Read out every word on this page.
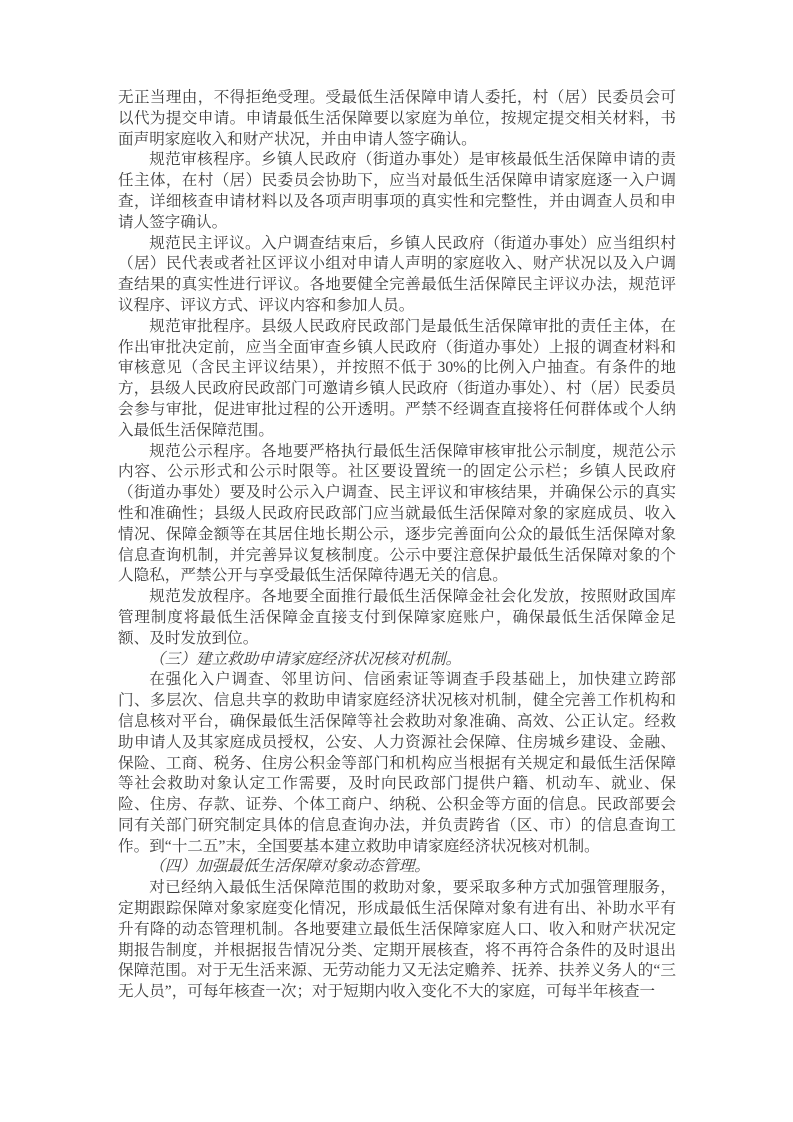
无正当理由，不得拒绝受理。受最低生活保障申请人委托，村（居）民委员会可以代为提交申请。申请最低生活保障要以家庭为单位，按规定提交相关材料，书面声明家庭收入和财产状况，并由申请人签字确认。

规范审核程序。乡镇人民政府（街道办事处）是审核最低生活保障申请的责任主体，在村（居）民委员会协助下，应当对最低生活保障申请家庭逐一入户调查，详细核查申请材料以及各项声明事项的真实性和完整性，并由调查人员和申请人签字确认。

规范民主评议。入户调查结束后，乡镇人民政府（街道办事处）应当组织村（居）民代表或者社区评议小组对申请人声明的家庭收入、财产状况以及入户调查结果的真实性进行评议。各地要健全完善最低生活保障民主评议办法，规范评议程序、评议方式、评议内容和参加人员。

规范审批程序。县级人民政府民政部门是最低生活保障审批的责任主体，在作出审批决定前，应当全面审查乡镇人民政府（街道办事处）上报的调查材料和审核意见（含民主评议结果），并按照不低于 30%的比例入户抽查。有条件的地方，县级人民政府民政部门可邀请乡镇人民政府（街道办事处）、村（居）民委员会参与审批，促进审批过程的公开透明。严禁不经调查直接将任何群体或个人纳入最低生活保障范围。

规范公示程序。各地要严格执行最低生活保障审核审批公示制度，规范公示内容、公示形式和公示时限等。社区要设置统一的固定公示栏；乡镇人民政府（街道办事处）要及时公示入户调查、民主评议和审核结果，并确保公示的真实性和准确性；县级人民政府民政部门应当就最低生活保障对象的家庭成员、收入情况、保障金额等在其居住地长期公示，逐步完善面向公众的最低生活保障对象信息查询机制，并完善异议复核制度。公示中要注意保护最低生活保障对象的个人隐私，严禁公开与享受最低生活保障待遇无关的信息。

规范发放程序。各地要全面推行最低生活保障金社会化发放，按照财政国库管理制度将最低生活保障金直接支付到保障家庭账户，确保最低生活保障金足额、及时发放到位。

（三）建立救助申请家庭经济状况核对机制。

在强化入户调查、邻里访问、信函索证等调查手段基础上，加快建立跨部门、多层次、信息共享的救助申请家庭经济状况核对机制，健全完善工作机构和信息核对平台，确保最低生活保障等社会救助对象准确、高效、公正认定。经救助申请人及其家庭成员授权，公安、人力资源社会保障、住房城乡建设、金融、保险、工商、税务、住房公积金等部门和机构应当根据有关规定和最低生活保障等社会救助对象认定工作需要，及时向民政部门提供户籍、机动车、就业、保险、住房、存款、证券、个体工商户、纳税、公积金等方面的信息。民政部要会同有关部门研究制定具体的信息查询办法，并负责跨省（区、市）的信息查询工作。到“十二五”末，全国要基本建立救助申请家庭经济状况核对机制。

（四）加强最低生活保障对象动态管理。

对已经纳入最低生活保障范围的救助对象，要采取多种方式加强管理服务，定期跟踪保障对象家庭变化情况，形成最低生活保障对象有进有出、补助水平有升有降的动态管理机制。各地要建立最低生活保障家庭人口、收入和财产状况定期报告制度，并根据报告情况分类、定期开展核查，将不再符合条件的及时退出保障范围。对于无生活来源、无劳动能力又无法定赡养、抚养、扶养义务人的“三无人员”，可每年核查一次；对于短期内收入变化不大的家庭，可每半年核查一
